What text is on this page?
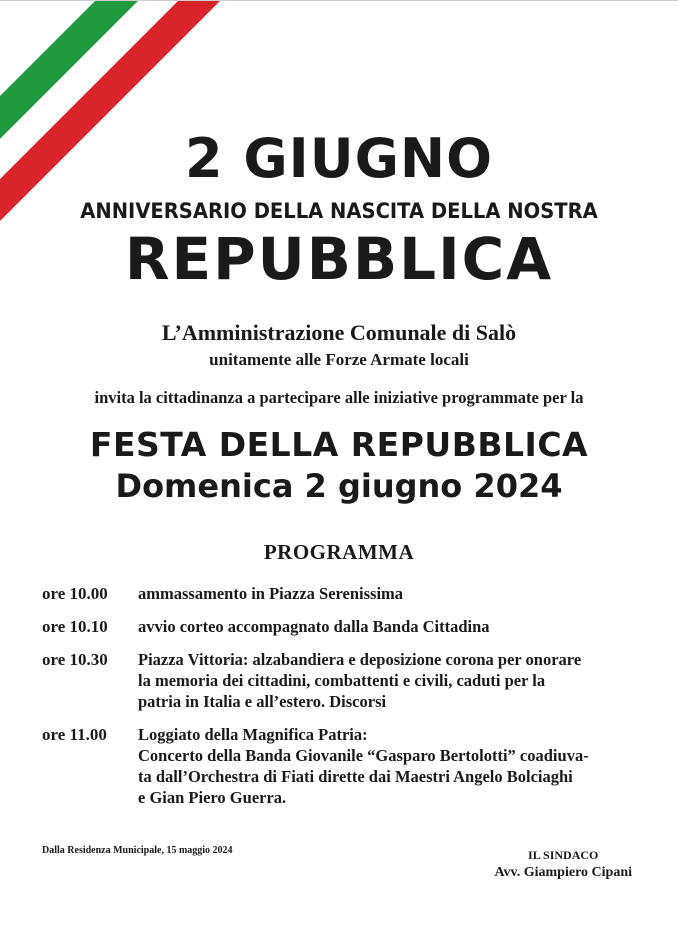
2 GIUGNO
ANNIVERSARIO DELLA NASCITA DELLA NOSTRA
REPUBBLICA
L’Amministrazione Comunale di Salò
unitamente alle Forze Armate locali
invita la cittadinanza a partecipare alle iniziative programmate per la
FESTA DELLA REPUBBLICA
Domenica 2 giugno 2024
PROGRAMMA
ore 10.00	ammassamento in Piazza Serenissima
ore 10.10	avvio corteo accompagnato dalla Banda Cittadina
ore 10.30	Piazza Vittoria: alzabandiera e deposizione corona per onorare
la memoria dei cittadini, combattenti e civili, caduti per la
patria in Italia e all’estero. Discorsi
ore 11.00	Loggiato della Magnifica Patria:
Concerto della Banda Giovanile “Gasparo Bertolotti” coadiuva-
ta dall’Orchestra di Fiati dirette dai Maestri Angelo Bolciaghi
e Gian Piero Guerra.
Dalla Residenza Municipale, 15 maggio 2024	IL SINDACO
Avv. Giampiero Cipani
